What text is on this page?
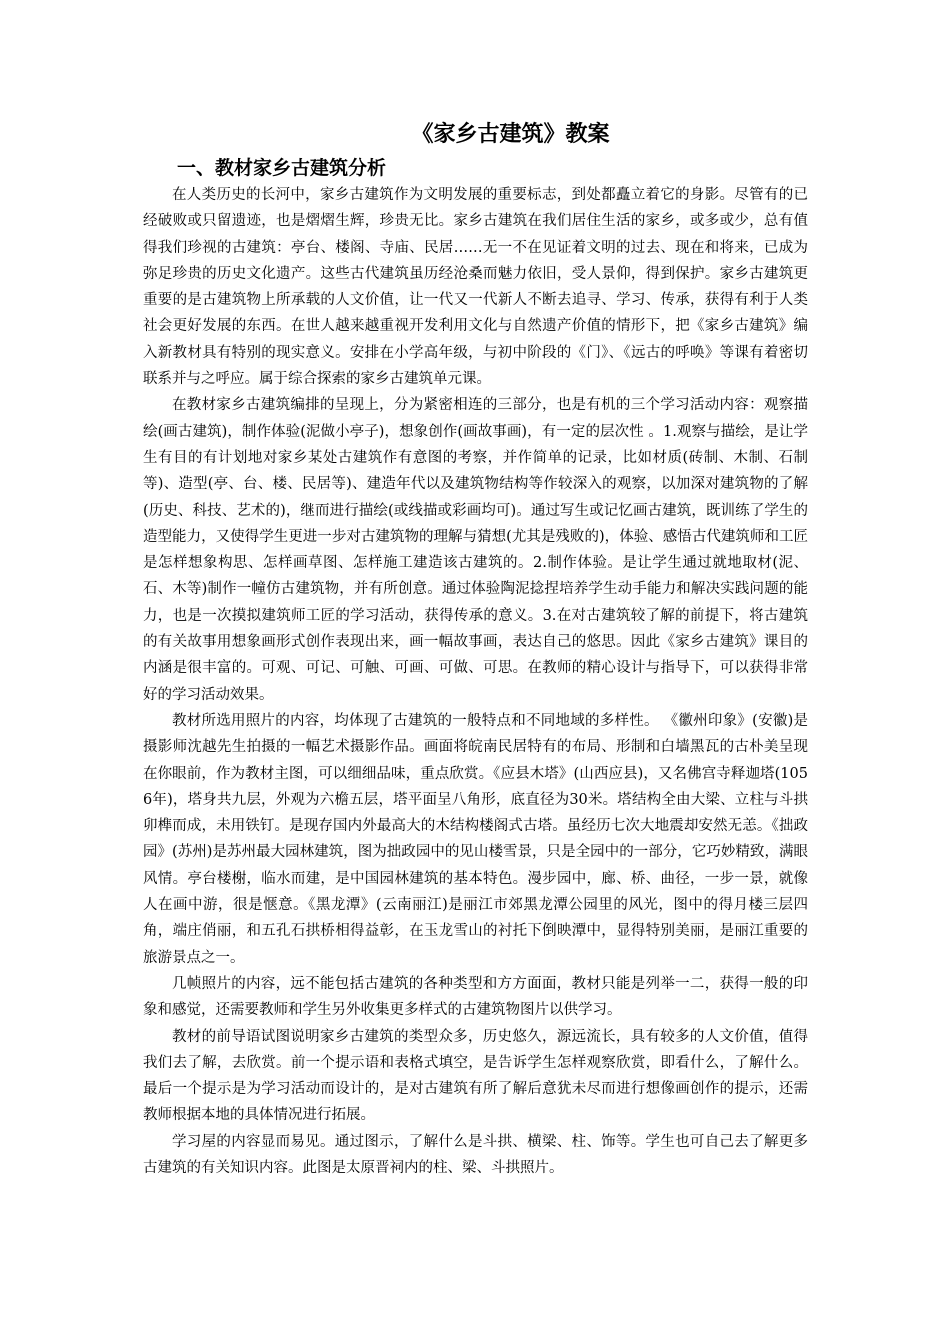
《家乡古建筑》教案
一、教材家乡古建筑分析

在人类历史的长河中，家乡古建筑作为文明发展的重要标志，到处都矗立着它的身影。尽管有的已经破败或只留遗迹，也是熠熠生辉，珍贵无比。家乡古建筑在我们居住生活的家乡，或多或少，总有值得我们珍视的古建筑：亭台、楼阁、寺庙、民居……无一不在见证着文明的过去、现在和将来，已成为弥足珍贵的历史文化遗产。这些古代建筑虽历经沧桑而魅力依旧，受人景仰，得到保护。家乡古建筑更重要的是古建筑物上所承载的人文价值，让一代又一代新人不断去追寻、学习、传承，获得有利于人类社会更好发展的东西。在世人越来越重视开发利用文化与自然遗产价值的情形下，把《家乡古建筑》编入新教材具有特别的现实意义。安排在小学高年级，与初中阶段的《门》、《远古的呼唤》等课有着密切联系并与之呼应。属于综合探索的家乡古建筑单元课。

在教材家乡古建筑编排的呈现上，分为紧密相连的三部分，也是有机的三个学习活动内容：观察描绘(画古建筑)，制作体验(泥做小亭子)，想象创作(画故事画)，有一定的层次性 。1.观察与描绘，是让学生有目的有计划地对家乡某处古建筑作有意图的考察，并作简单的记录，比如材质(砖制、木制、石制等)、造型(亭、台、楼、民居等)、建造年代以及建筑物结构等作较深入的观察，以加深对建筑物的了解(历史、科技、艺术的)，继而进行描绘(或线描或彩画均可)。通过写生或记忆画古建筑，既训练了学生的造型能力，又使得学生更进一步对古建筑物的理解与猜想(尤其是残败的)，体验、感悟古代建筑师和工匠是怎样想象构思、怎样画草图、怎样施工建造该古建筑的。2.制作体验。是让学生通过就地取材(泥、石、木等)制作一幢仿古建筑物，并有所创意。通过体验陶泥捻捏培养学生动手能力和解决实践问题的能力，也是一次摸拟建筑师工匠的学习活动，获得传承的意义。3.在对古建筑较了解的前提下，将古建筑的有关故事用想象画形式创作表现出来，画一幅故事画，表达自己的悠思。因此《家乡古建筑》课目的内涵是很丰富的。可观、可记、可触、可画、可做、可思。在教师的精心设计与指导下，可以获得非常好的学习活动效果。

教材所选用照片的内容，均体现了古建筑的一般特点和不同地域的多样性。 《徽州印象》(安徽)是摄影师沈越先生拍摄的一幅艺术摄影作品。画面将皖南民居特有的布局、形制和白墙黑瓦的古朴美呈现在你眼前，作为教材主图，可以细细品味，重点欣赏。《应县木塔》(山西应县)，又名佛宫寺释迦塔(1056年)，塔身共九层，外观为六檐五层，塔平面呈八角形，底直径为30米。塔结构全由大梁、立柱与斗拱卯榫而成，未用铁钉。是现存国内外最高大的木结构楼阁式古塔。虽经历七次大地震却安然无恙。《拙政园》(苏州)是苏州最大园林建筑，图为拙政园中的见山楼雪景，只是全园中的一部分，它巧妙精致，满眼风情。亭台楼榭，临水而建，是中国园林建筑的基本特色。漫步园中，廊、桥、曲径，一步一景，就像人在画中游，很是惬意。《黑龙潭》(云南丽江)是丽江市郊黑龙潭公园里的风光，图中的得月楼三层四角，端庄俏丽，和五孔石拱桥相得益彰，在玉龙雪山的衬托下倒映潭中，显得特别美丽，是丽江重要的旅游景点之一。

几帧照片的内容，远不能包括古建筑的各种类型和方方面面，教材只能是列举一二，获得一般的印象和感觉，还需要教师和学生另外收集更多样式的古建筑物图片以供学习。

教材的前导语试图说明家乡古建筑的类型众多，历史悠久，源远流长，具有较多的人文价值，值得我们去了解，去欣赏。前一个提示语和表格式填空，是告诉学生怎样观察欣赏，即看什么，了解什么。最后一个提示是为学习活动而设计的，是对古建筑有所了解后意犹未尽而进行想像画创作的提示，还需教师根据本地的具体情况进行拓展。

学习屋的内容显而易见。通过图示，了解什么是斗拱、横梁、柱、饰等。学生也可自己去了解更多古建筑的有关知识内容。此图是太原晋祠内的柱、梁、斗拱照片。
